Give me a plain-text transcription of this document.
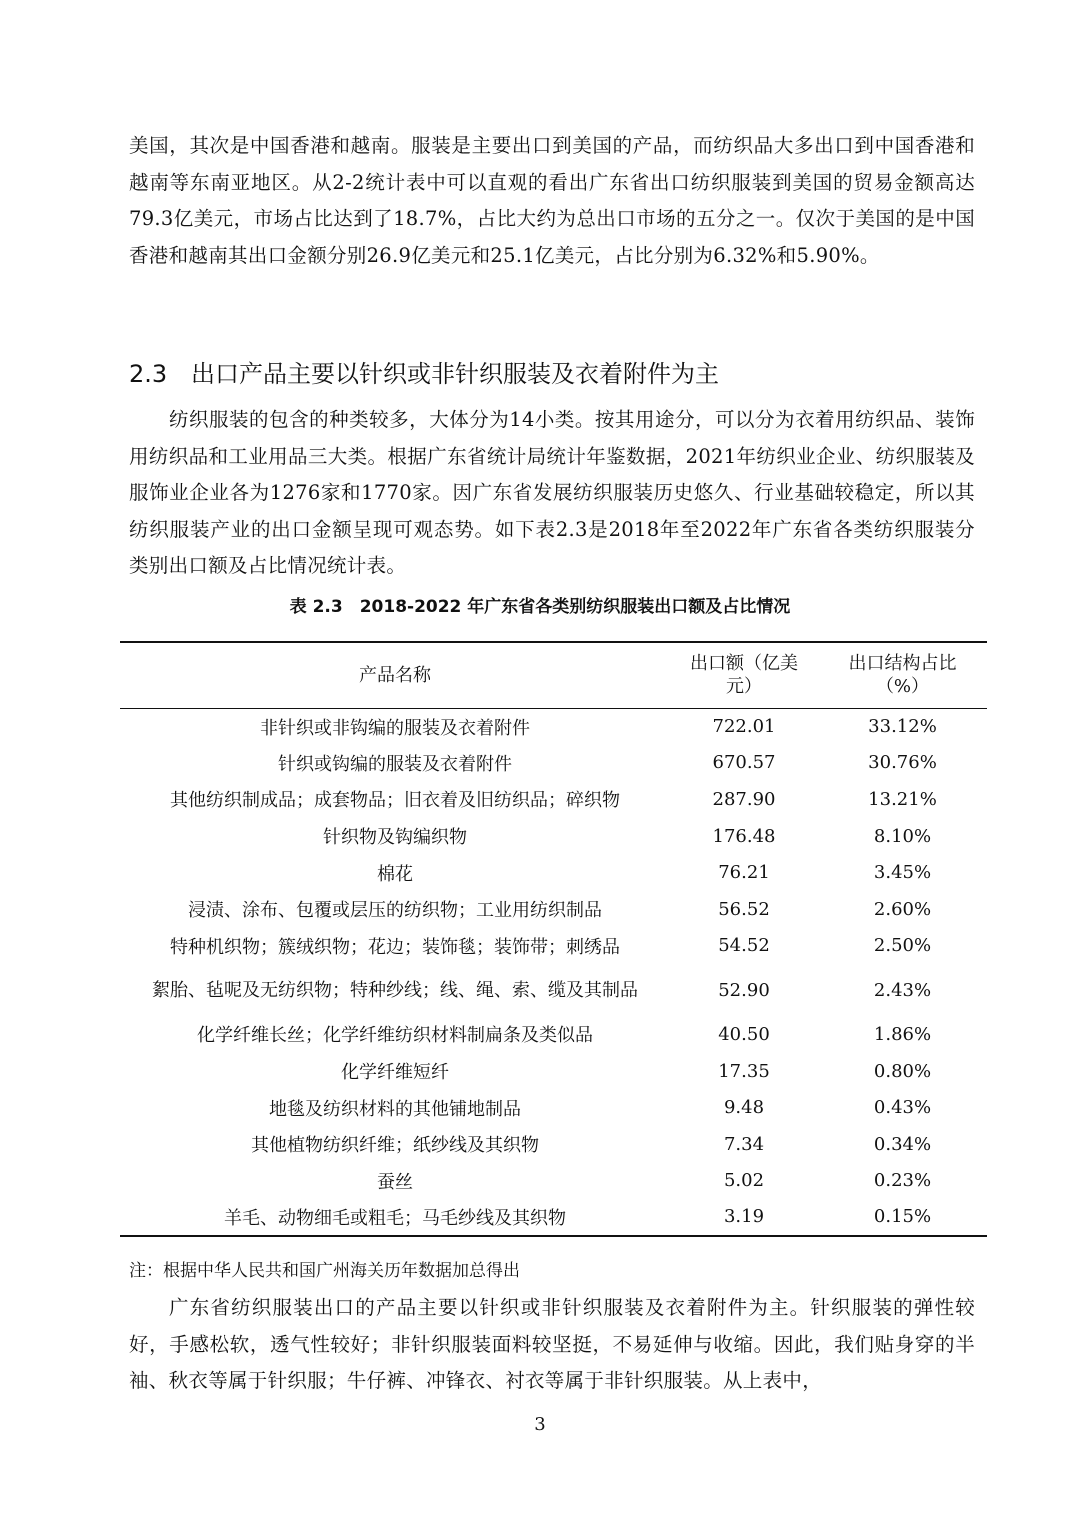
美国，其次是中国香港和越南。服装是主要出口到美国的产品，而纺织品大多出口到中国香港和越南等东南亚地区。从2-2统计表中可以直观的看出广东省出口纺织服装到美国的贸易金额高达79.3亿美元，市场占比达到了18.7%，占比大约为总出口市场的五分之一。仅次于美国的是中国香港和越南其出口金额分别26.9亿美元和25.1亿美元，占比分别为6.32%和5.90%。

2.3 出口产品主要以针织或非针织服装及衣着附件为主

纺织服装的包含的种类较多，大体分为14小类。按其用途分，可以分为衣着用纺织品、装饰用纺织品和工业用品三大类。根据广东省统计局统计年鉴数据，2021年纺织业企业、纺织服装及服饰业企业各为1276家和1770家。因广东省发展纺织服装历史悠久、行业基础较稳定，所以其纺织服装产业的出口金额呈现可观态势。如下表2.3是2018年至2022年广东省各类纺织服装分类别出口额及占比情况统计表。

表 2.3　2018-2022 年广东省各类别纺织服装出口额及占比情况
产品名称	出口额（亿美元）	出口结构占比（%）

非针织或非钩编的服装及衣着附件	722.01	33.12%
针织或钩编的服装及衣着附件	670.57	30.76%
其他纺织制成品；成套物品；旧衣着及旧纺织品；碎织物	287.90	13.21%
针织物及钩编织物	176.48	8.10%
棉花	76.21	3.45%
浸渍、涂布、包覆或层压的纺织物；工业用纺织制品	56.52	2.60%
特种机织物；簇绒织物；花边；装饰毯；装饰带；刺绣品	54.52	2.50%
絮胎、毡呢及无纺织物；特种纱线；线、绳、索、缆及其制品	52.90	2.43%
化学纤维长丝；化学纤维纺织材料制扁条及类似品	40.50	1.86%
化学纤维短纤	17.35	0.80%
地毯及纺织材料的其他铺地制品	9.48	0.43%
其他植物纺织纤维；纸纱线及其织物	7.34	0.34%
蚕丝	5.02	0.23%
羊毛、动物细毛或粗毛；马毛纱线及其织物	3.19	0.15%
注：根据中华人民共和国广州海关历年数据加总得出

广东省纺织服装出口的产品主要以针织或非针织服装及衣着附件为主。针织服装的弹性较好，手感松软，透气性较好；非针织服装面料较坚挺，不易延伸与收缩。因此，我们贴身穿的半袖、秋衣等属于针织服；牛仔裤、冲锋衣、衬衣等属于非针织服装。从上表中，

3
